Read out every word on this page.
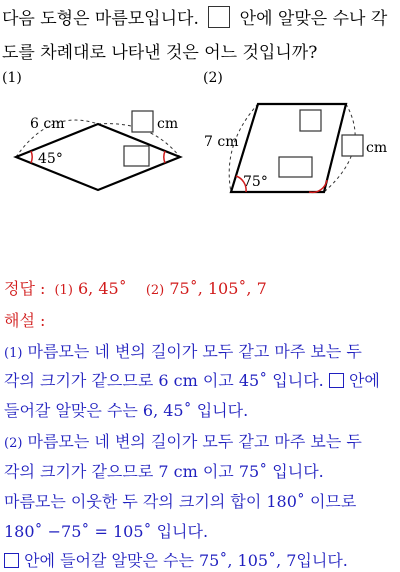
다음 도형은 마름모입니다. 안에 알맞은 수나 각
도를 차례대로 나타낸 것은 어느 것입니까?
(1)	(2)
cm
6 cm
45°
cm
7 cm
75°
정답 : (1) 6, 45˚ (2) 75˚, 105˚, 7
해설 :
(1) 마름모는 네 변의 길이가 모두 같고 마주 보는 두
각의 크기가 같으므로 6 cm 이고 45˚ 입니다. 안에
들어갈 알맞은 수는 6, 45˚ 입니다.
(2) 마름모는 네 변의 길이가 모두 같고 마주 보는 두
각의 크기가 같으므로 7 cm 이고 75˚ 입니다.
마름모는 이웃한 두 각의 크기의 합이 180˚ 이므로
180˚ −75˚ = 105˚ 입니다.
안에 들어갈 알맞은 수는 75˚, 105˚, 7입니다.
